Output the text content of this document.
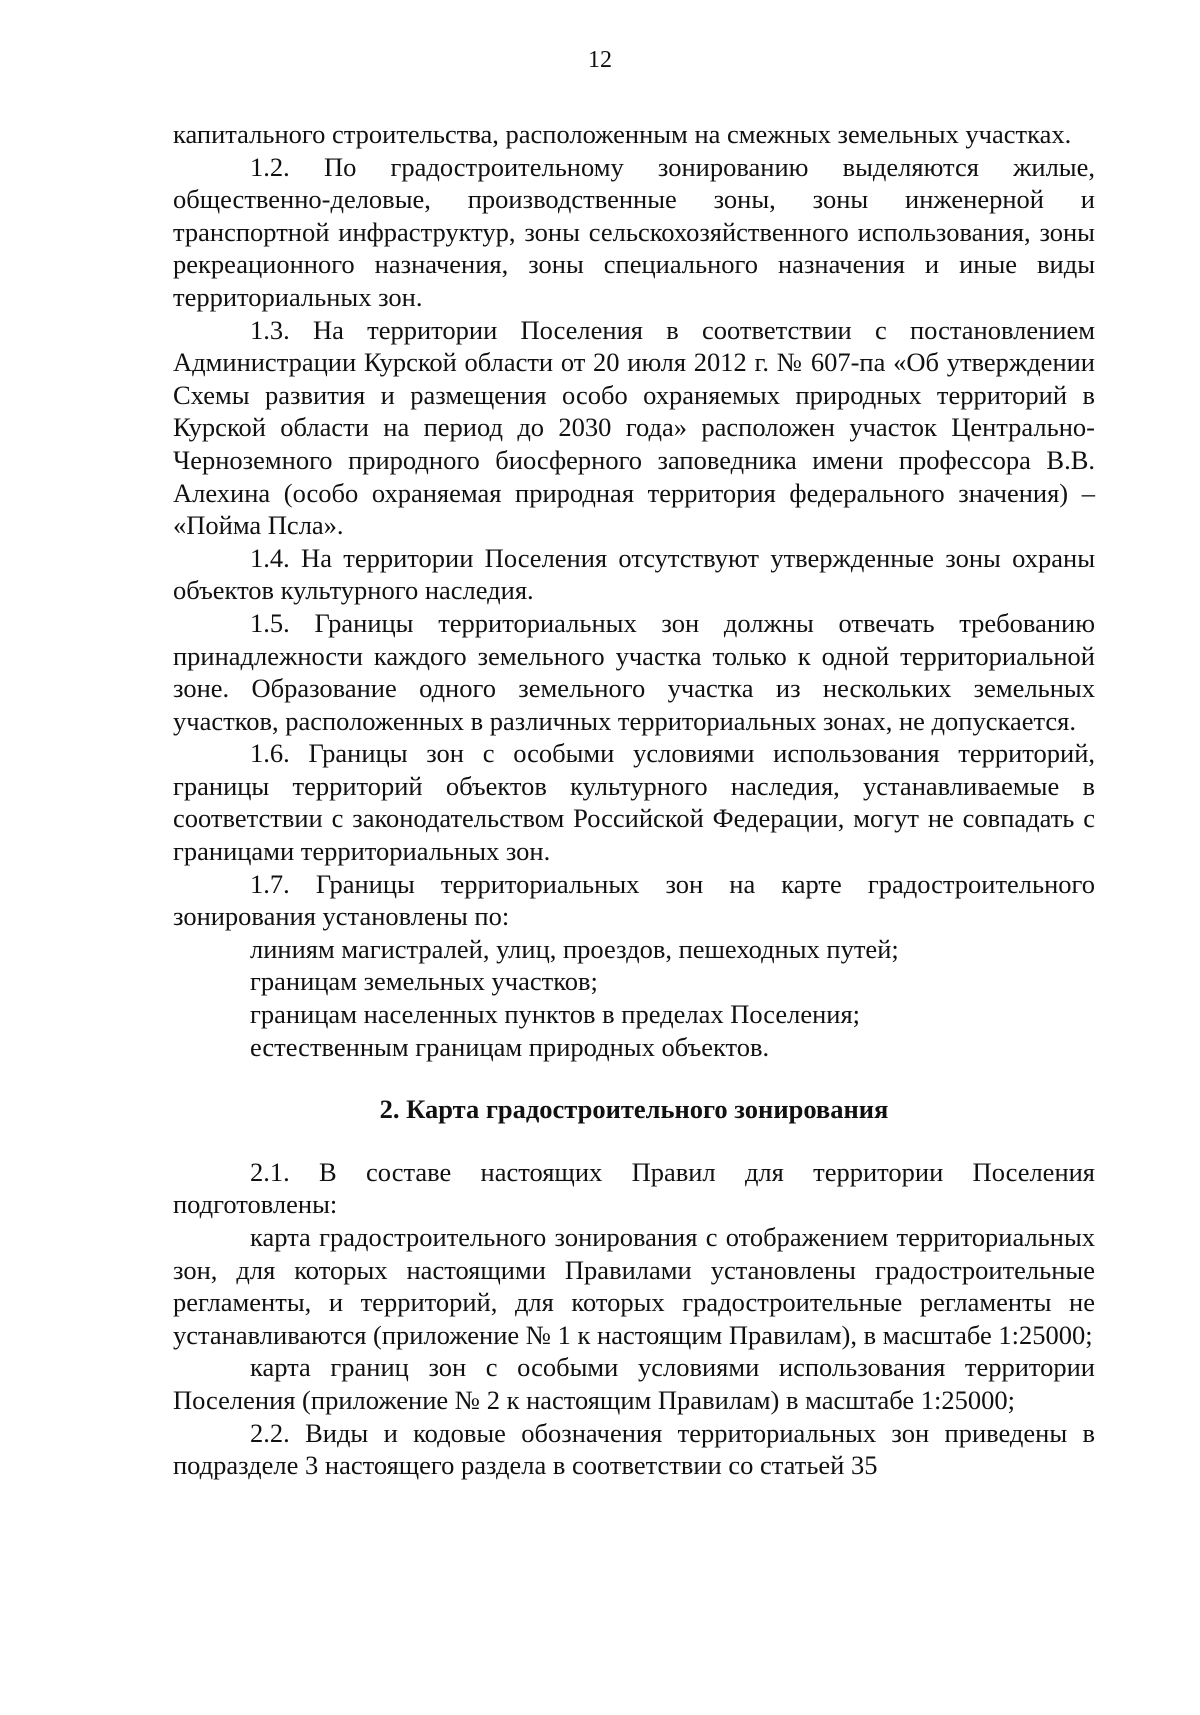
12

капитального строительства, расположенным на смежных земельных участках.

1.2. По градостроительному зонированию выделяются жилые, общественно-деловые, производственные зоны, зоны инженерной и транспортной инфраструктур, зоны сельскохозяйственного использования, зоны рекреационного назначения, зоны специального назначения и иные виды территориальных зон.

1.3. На территории Поселения в соответствии с постановлением Администрации Курской области от 20 июля 2012 г. № 607-па «Об утверждении Схемы развития и размещения особо охраняемых природных территорий в Курской области на период до 2030 года» расположен участок Центрально-Черноземного природного биосферного заповедника имени профессора В.В. Алехина (особо охраняемая природная территория федерального значения) – «Пойма Псла».

1.4. На территории Поселения отсутствуют утвержденные зоны охраны объектов культурного наследия.

1.5. Границы территориальных зон должны отвечать требованию принадлежности каждого земельного участка только к одной территориальной зоне. Образование одного земельного участка из нескольких земельных участков, расположенных в различных территориальных зонах, не допускается.

1.6. Границы зон с особыми условиями использования территорий, границы территорий объектов культурного наследия, устанавливаемые в соответствии с законодательством Российской Федерации, могут не совпадать с границами территориальных зон.

1.7. Границы территориальных зон на карте градостроительного зонирования установлены по:

линиям магистралей, улиц, проездов, пешеходных путей;

границам земельных участков;

границам населенных пунктов в пределах Поселения;

естественным границам природных объектов.

2. Карта градостроительного зонирования

2.1. В составе настоящих Правил для территории Поселения подготовлены:

карта градостроительного зонирования с отображением территориальных зон, для которых настоящими Правилами установлены градостроительные регламенты, и территорий, для которых градостроительные регламенты не устанавливаются (приложение № 1 к настоящим Правилам), в масштабе 1:25000;

карта границ зон с особыми условиями использования территории Поселения (приложение № 2 к настоящим Правилам) в масштабе 1:25000;

2.2. Виды и кодовые обозначения территориальных зон приведены в подразделе 3 настоящего раздела в соответствии со статьей 35
